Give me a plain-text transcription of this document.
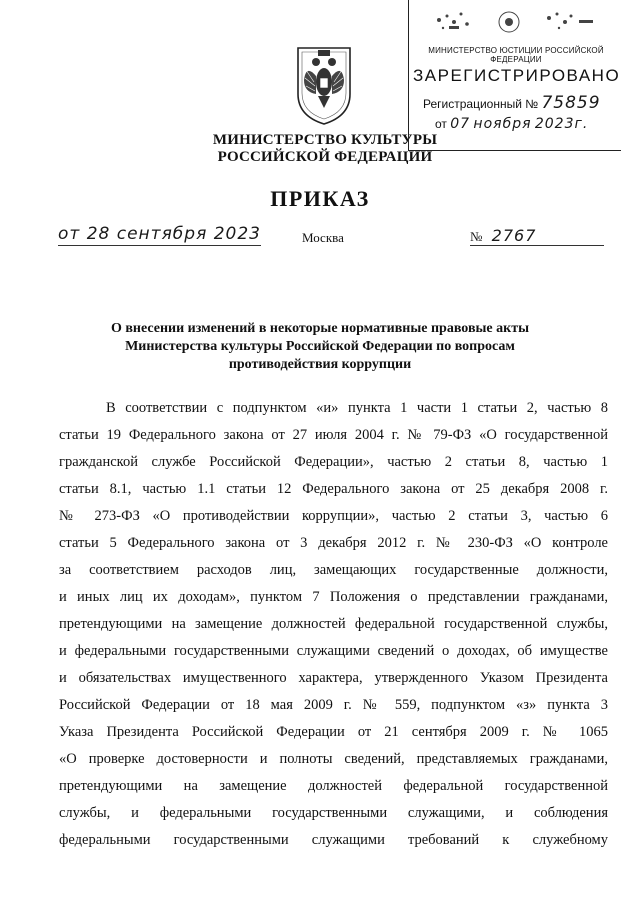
МИНИСТЕРСТВО КУЛЬТУРЫ
РОССИЙСКОЙ ФЕДЕРАЦИИ
МИНИСТЕРСТВО ЮСТИЦИИ РОССИЙСКОЙ ФЕДЕРАЦИИ
ЗАРЕГИСТРИРОВАНО
Регистрационный № 75859
от 07 ноября 2023г.
ПРИКАЗ
от 28 сентября 2023	Москва	№ 2767
О внесении изменений в некоторые нормативные правовые акты
Министерства культуры Российской Федерации по вопросам
противодействия коррупции
В соответствии с подпунктом «и» пункта 1 части 1 статьи 2, частью 8
статьи 19 Федерального закона от 27 июля 2004 г. № 79-ФЗ «О государственной
гражданской службе Российской Федерации», частью 2 статьи 8, частью 1
статьи 8.1, частью 1.1 статьи 12 Федерального закона от 25 декабря 2008 г.
№ 273-ФЗ «О противодействии коррупции», частью 2 статьи 3, частью 6
статьи 5 Федерального закона от 3 декабря 2012 г. № 230-ФЗ «О контроле
за соответствием расходов лиц, замещающих государственные должности,
и иных лиц их доходам», пунктом 7 Положения о представлении гражданами,
претендующими на замещение должностей федеральной государственной службы,
и федеральными государственными служащими сведений о доходах, об имуществе
и обязательствах имущественного характера, утвержденного Указом Президента
Российской Федерации от 18 мая 2009 г. № 559, подпунктом «з» пункта 3
Указа Президента Российской Федерации от 21 сентября 2009 г. № 1065
«О проверке достоверности и полноты сведений, представляемых гражданами,
претендующими на замещение должностей федеральной государственной
службы, и федеральными государственными служащими, и соблюдения
федеральными государственными служащими требований к служебному
